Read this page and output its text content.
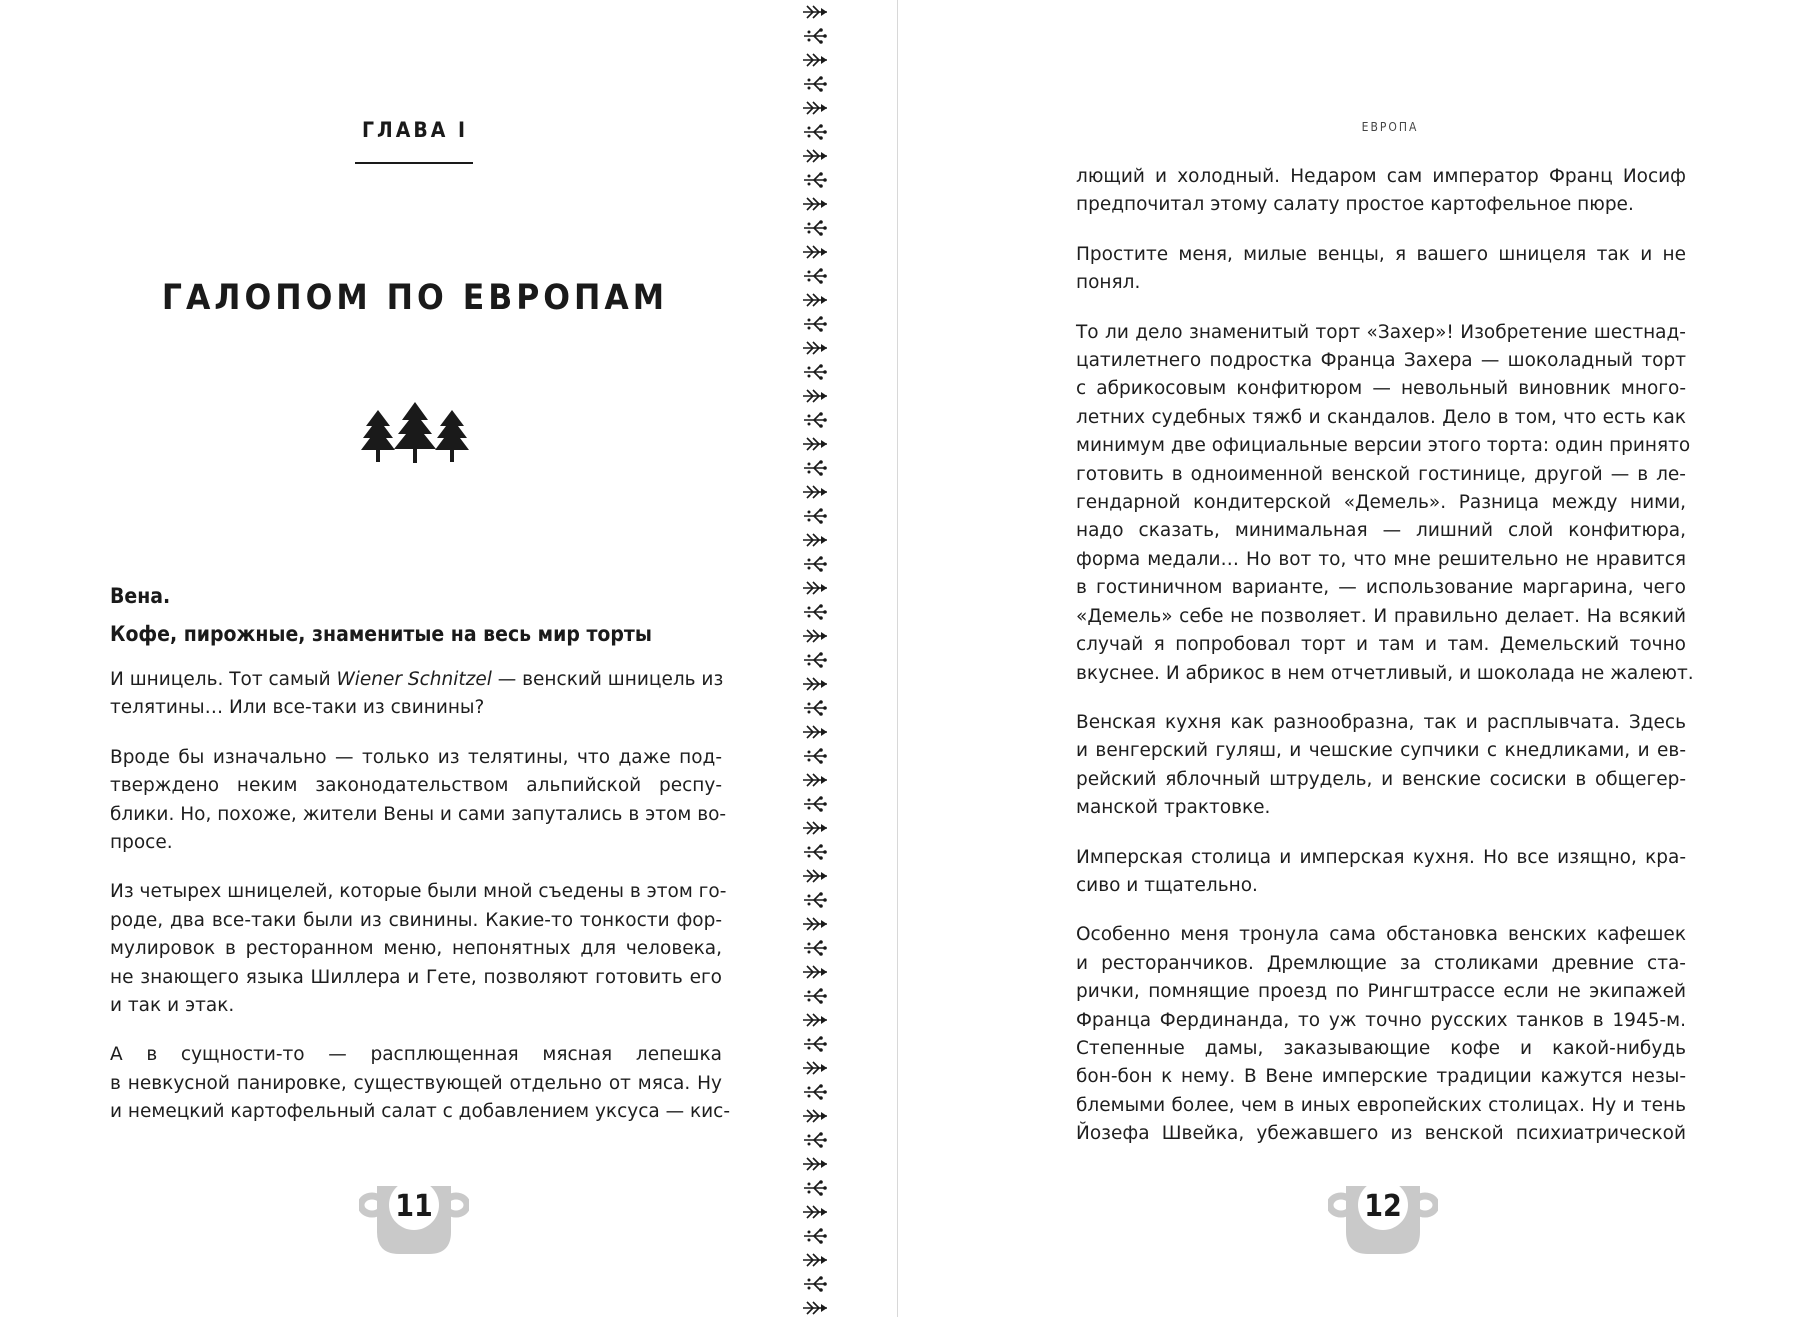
ГЛАВА I
ГАЛОПОМ ПО ЕВРОПАМ
Вена.
Кофе, пирожные, знаменитые на весь мир торты

И шницель. Тот самый Wiener Schnitzel — венский шницель из
телятины… Или все-таки из свинины?

Вроде бы изначально — только из телятины, что даже под-
тверждено неким законодательством альпийской респу-
блики. Но, похоже, жители Вены и сами запутались в этом во-
просе.

Из четырех шницелей, которые были мной съедены в этом го-
роде, два все-таки были из свинины. Какие-то тонкости фор-
мулировок в ресторанном меню, непонятных для человека,
не знающего языка Шиллера и Гете, позволяют готовить его
и так и этак.

А в сущности-то — расплющенная мясная лепешка
в невкусной панировке, существующей отдельно от мяса. Ну
и немецкий картофельный салат с добавлением уксуса — кис-

11
ЕВРОПА

лющий и холодный. Недаром сам император Франц Иосиф
предпочитал этому салату простое картофельное пюре.

Простите меня, милые венцы, я вашего шницеля так и не
понял.

То ли дело знаменитый торт «Захер»! Изобретение шестнад-
цатилетнего подростка Франца Захера — шоколадный торт
с абрикосовым конфитюром — невольный виновник много-
летних судебных тяжб и скандалов. Дело в том, что есть как
минимум две официальные версии этого торта: один принято
готовить в одноименной венской гостинице, другой — в ле-
гендарной кондитерской «Демель». Разница между ними,
надо сказать, минимальная — лишний слой конфитюра,
форма медали… Но вот то, что мне решительно не нравится
в гостиничном варианте, — использование маргарина, чего
«Демель» себе не позволяет. И правильно делает. На всякий
случай я попробовал торт и там и там. Демельский точно
вкуснее. И абрикос в нем отчетливый, и шоколада не жалеют.

Венская кухня как разнообразна, так и расплывчата. Здесь
и венгерский гуляш, и чешские супчики с кнедликами, и ев-
рейский яблочный штрудель, и венские сосиски в общегер-
манской трактовке.

Имперская столица и имперская кухня. Но все изящно, кра-
сиво и тщательно.

Особенно меня тронула сама обстановка венских кафешек
и ресторанчиков. Дремлющие за столиками древние ста-
рички, помнящие проезд по Рингштрассе если не экипажей
Франца Фердинанда, то уж точно русских танков в 1945-м.
Степенные дамы, заказывающие кофе и какой-нибудь
бон-бон к нему. В Вене имперские традиции кажутся незы-
блемыми более, чем в иных европейских столицах. Ну и тень
Йозефа Швейка, убежавшего из венской психиатрической

12
